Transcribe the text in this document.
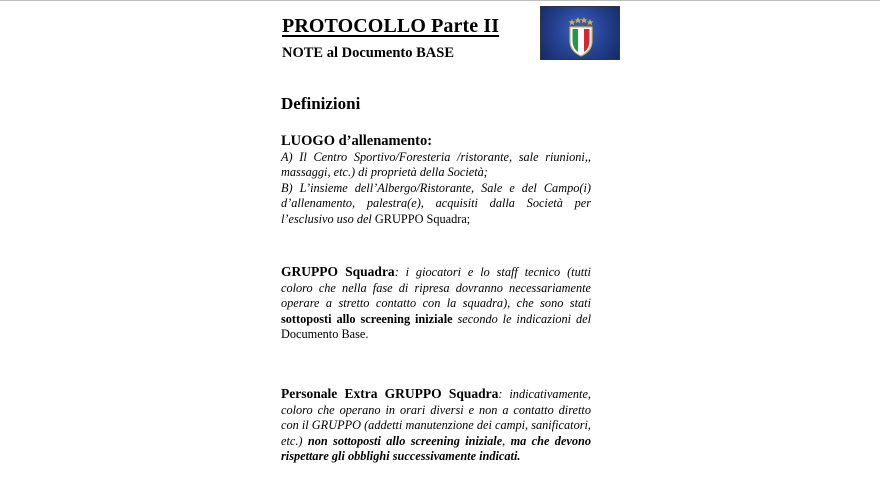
PROTOCOLLO Parte II
NOTE al Documento BASE
Definizioni
LUOGO d’allenamento:
A) Il Centro Sportivo/Foresteria /ristorante, sale riunioni,, massaggi, etc.) di proprietà della Società;
B) L’insieme dell’Albergo/Ristorante, Sale e del Campo(i) d’allenamento, palestra(e), acquisiti dalla Società per l’esclusivo uso del GRUPPO Squadra;
GRUPPO Squadra: i giocatori e lo staff tecnico (tutti coloro che nella fase di ripresa dovranno necessariamente operare a stretto contatto con la squadra), che sono stati sottoposti allo screening iniziale secondo le indicazioni del Documento Base.
Personale Extra GRUPPO Squadra: indicativamente, coloro che operano in orari diversi e non a contatto diretto con il GRUPPO (addetti manutenzione dei campi, sanificatori, etc.) non sottoposti allo screening iniziale, ma che devono rispettare gli obblighi successivamente indicati.
